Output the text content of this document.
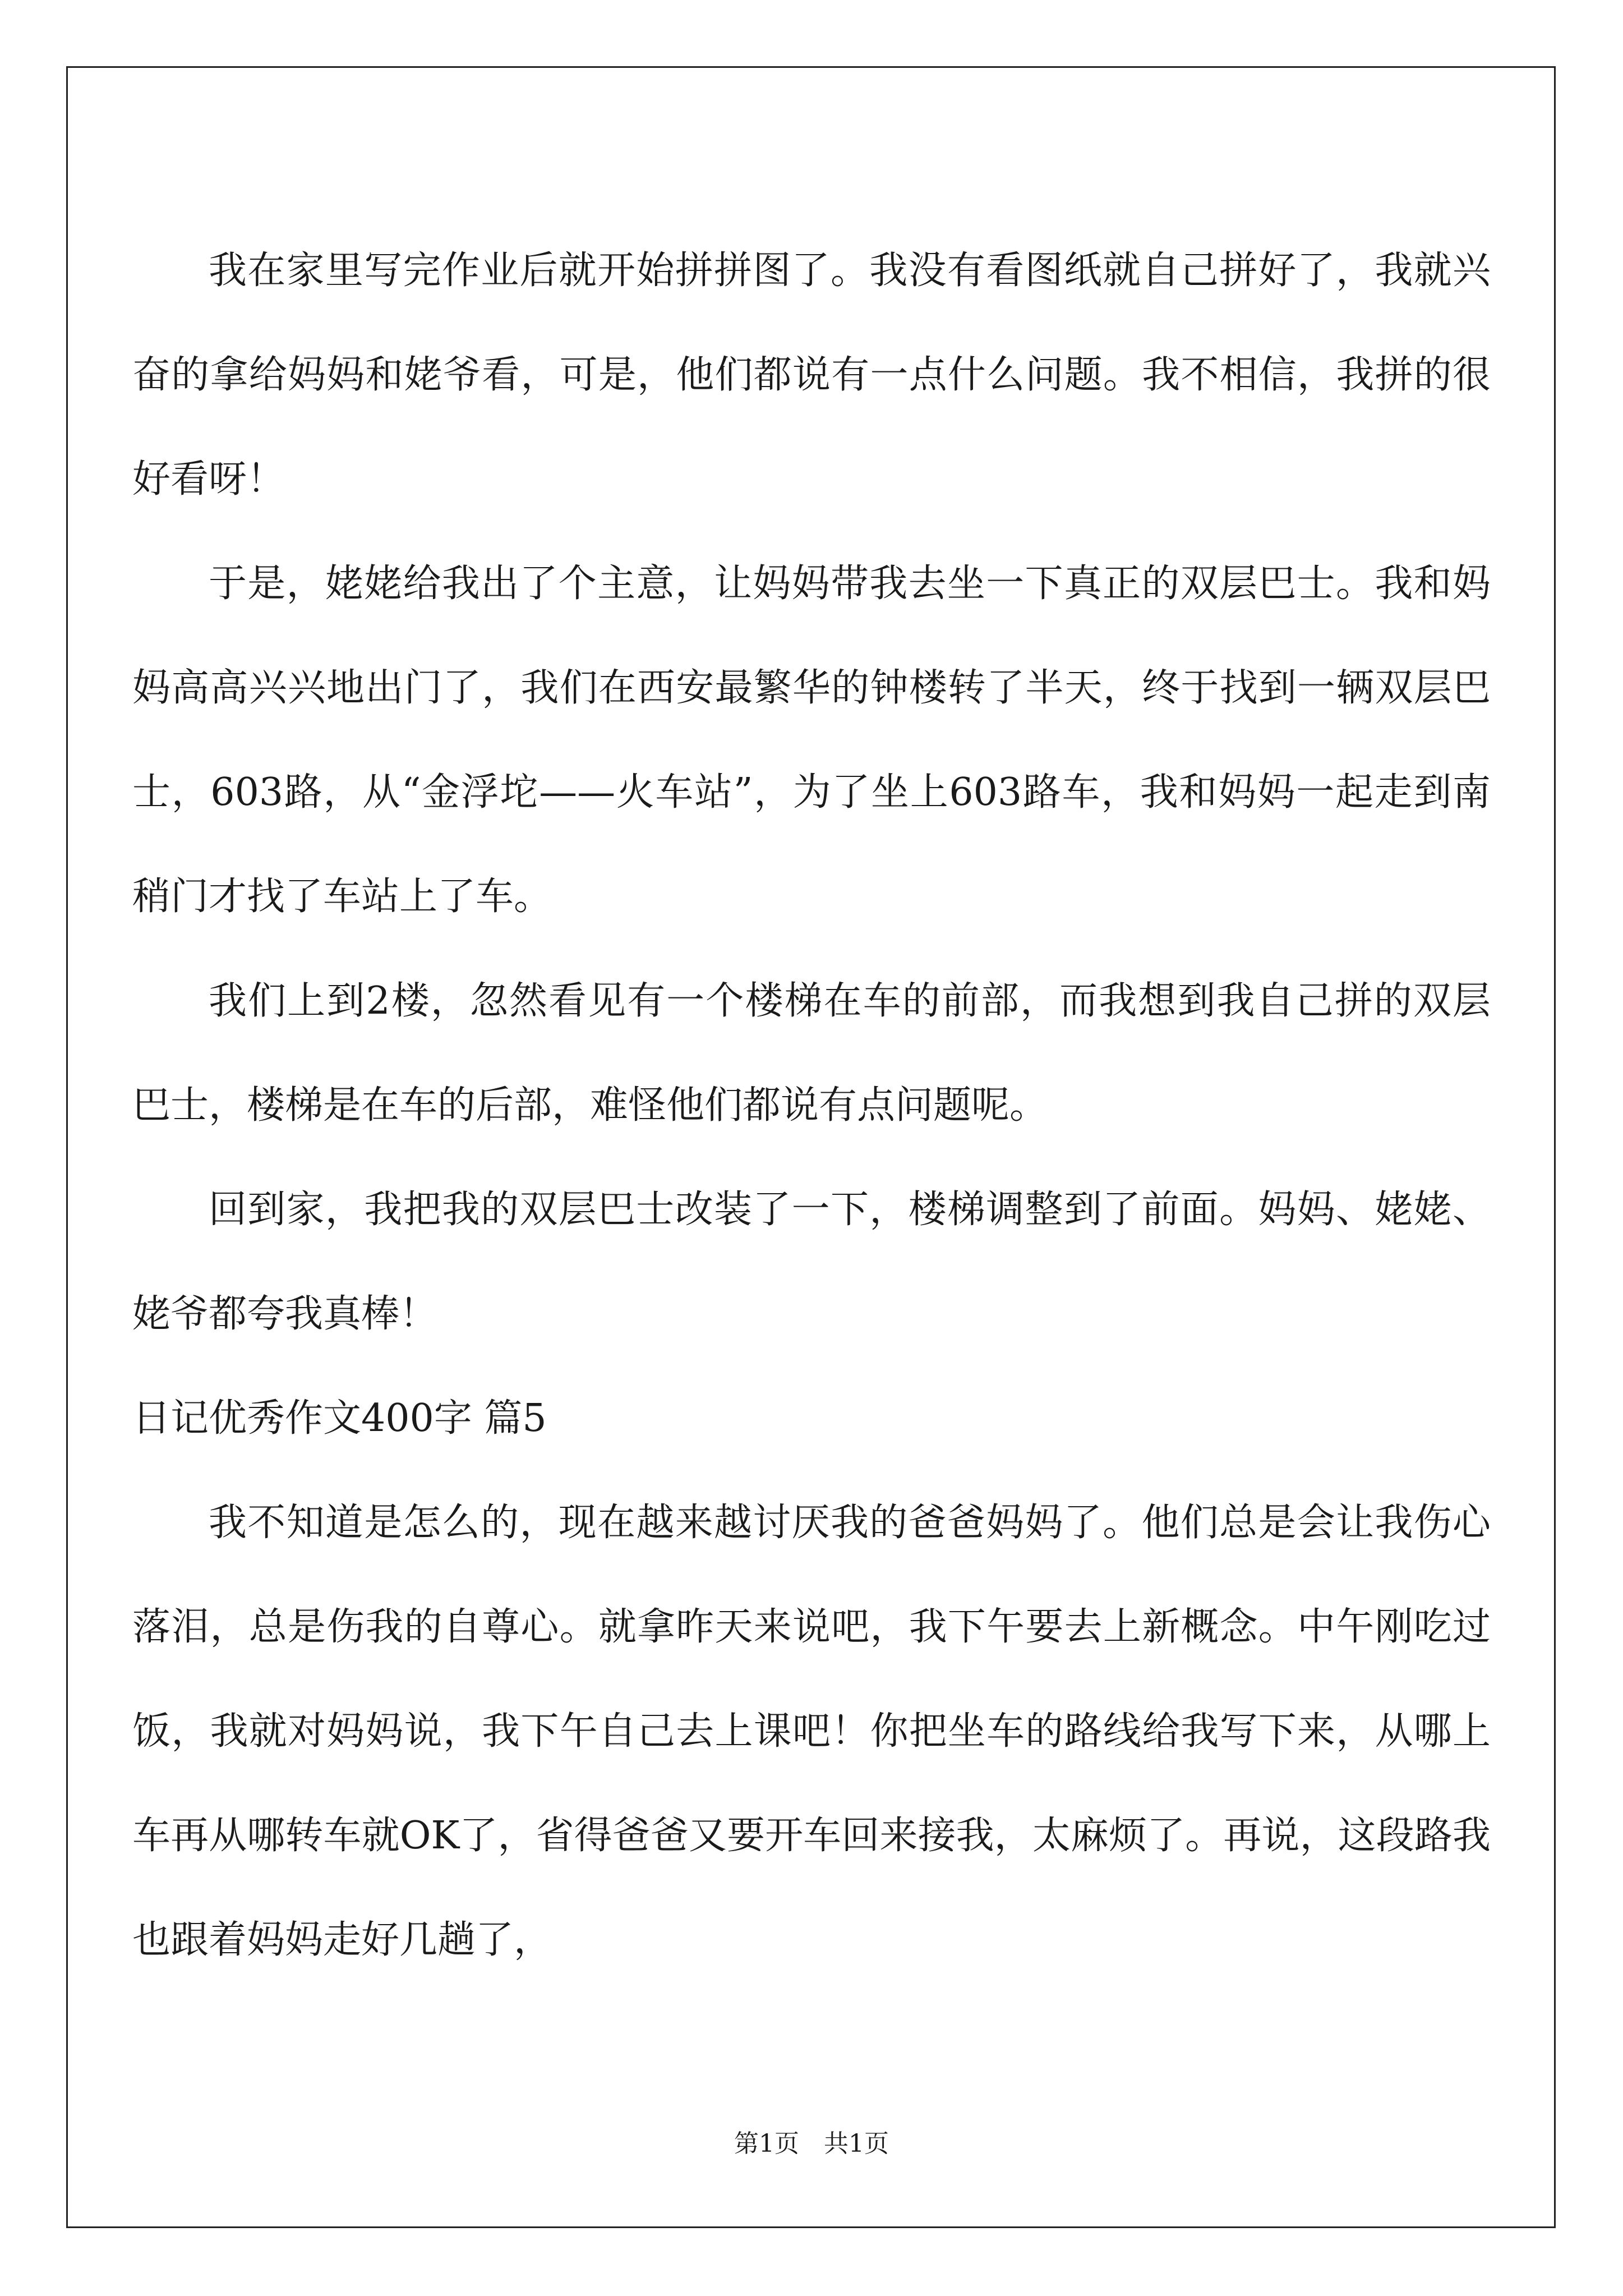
我在家里写完作业后就开始拼拼图了。我没有看图纸就自己拼好了，我就兴奋的拿给妈妈和姥爷看，可是，他们都说有一点什么问题。我不相信，我拼的很好看呀！

于是，姥姥给我出了个主意，让妈妈带我去坐一下真正的双层巴士。我和妈妈高高兴兴地出门了，我们在西安最繁华的钟楼转了半天，终于找到一辆双层巴士，603路，从“金浮坨——火车站”，为了坐上603路车，我和妈妈一起走到南稍门才找了车站上了车。

我们上到2楼，忽然看见有一个楼梯在车的前部，而我想到我自己拼的双层巴士，楼梯是在车的后部，难怪他们都说有点问题呢。

回到家，我把我的双层巴士改装了一下，楼梯调整到了前面。妈妈、姥姥、姥爷都夸我真棒！

日记优秀作文400字 篇5

我不知道是怎么的，现在越来越讨厌我的爸爸妈妈了。他们总是会让我伤心落泪，总是伤我的自尊心。就拿昨天来说吧，我下午要去上新概念。中午刚吃过饭，我就对妈妈说，我下午自己去上课吧！你把坐车的路线给我写下来，从哪上车再从哪转车就OK了，省得爸爸又要开车回来接我，太麻烦了。再说，这段路我也跟着妈妈走好几趟了，

第1页　共1页
